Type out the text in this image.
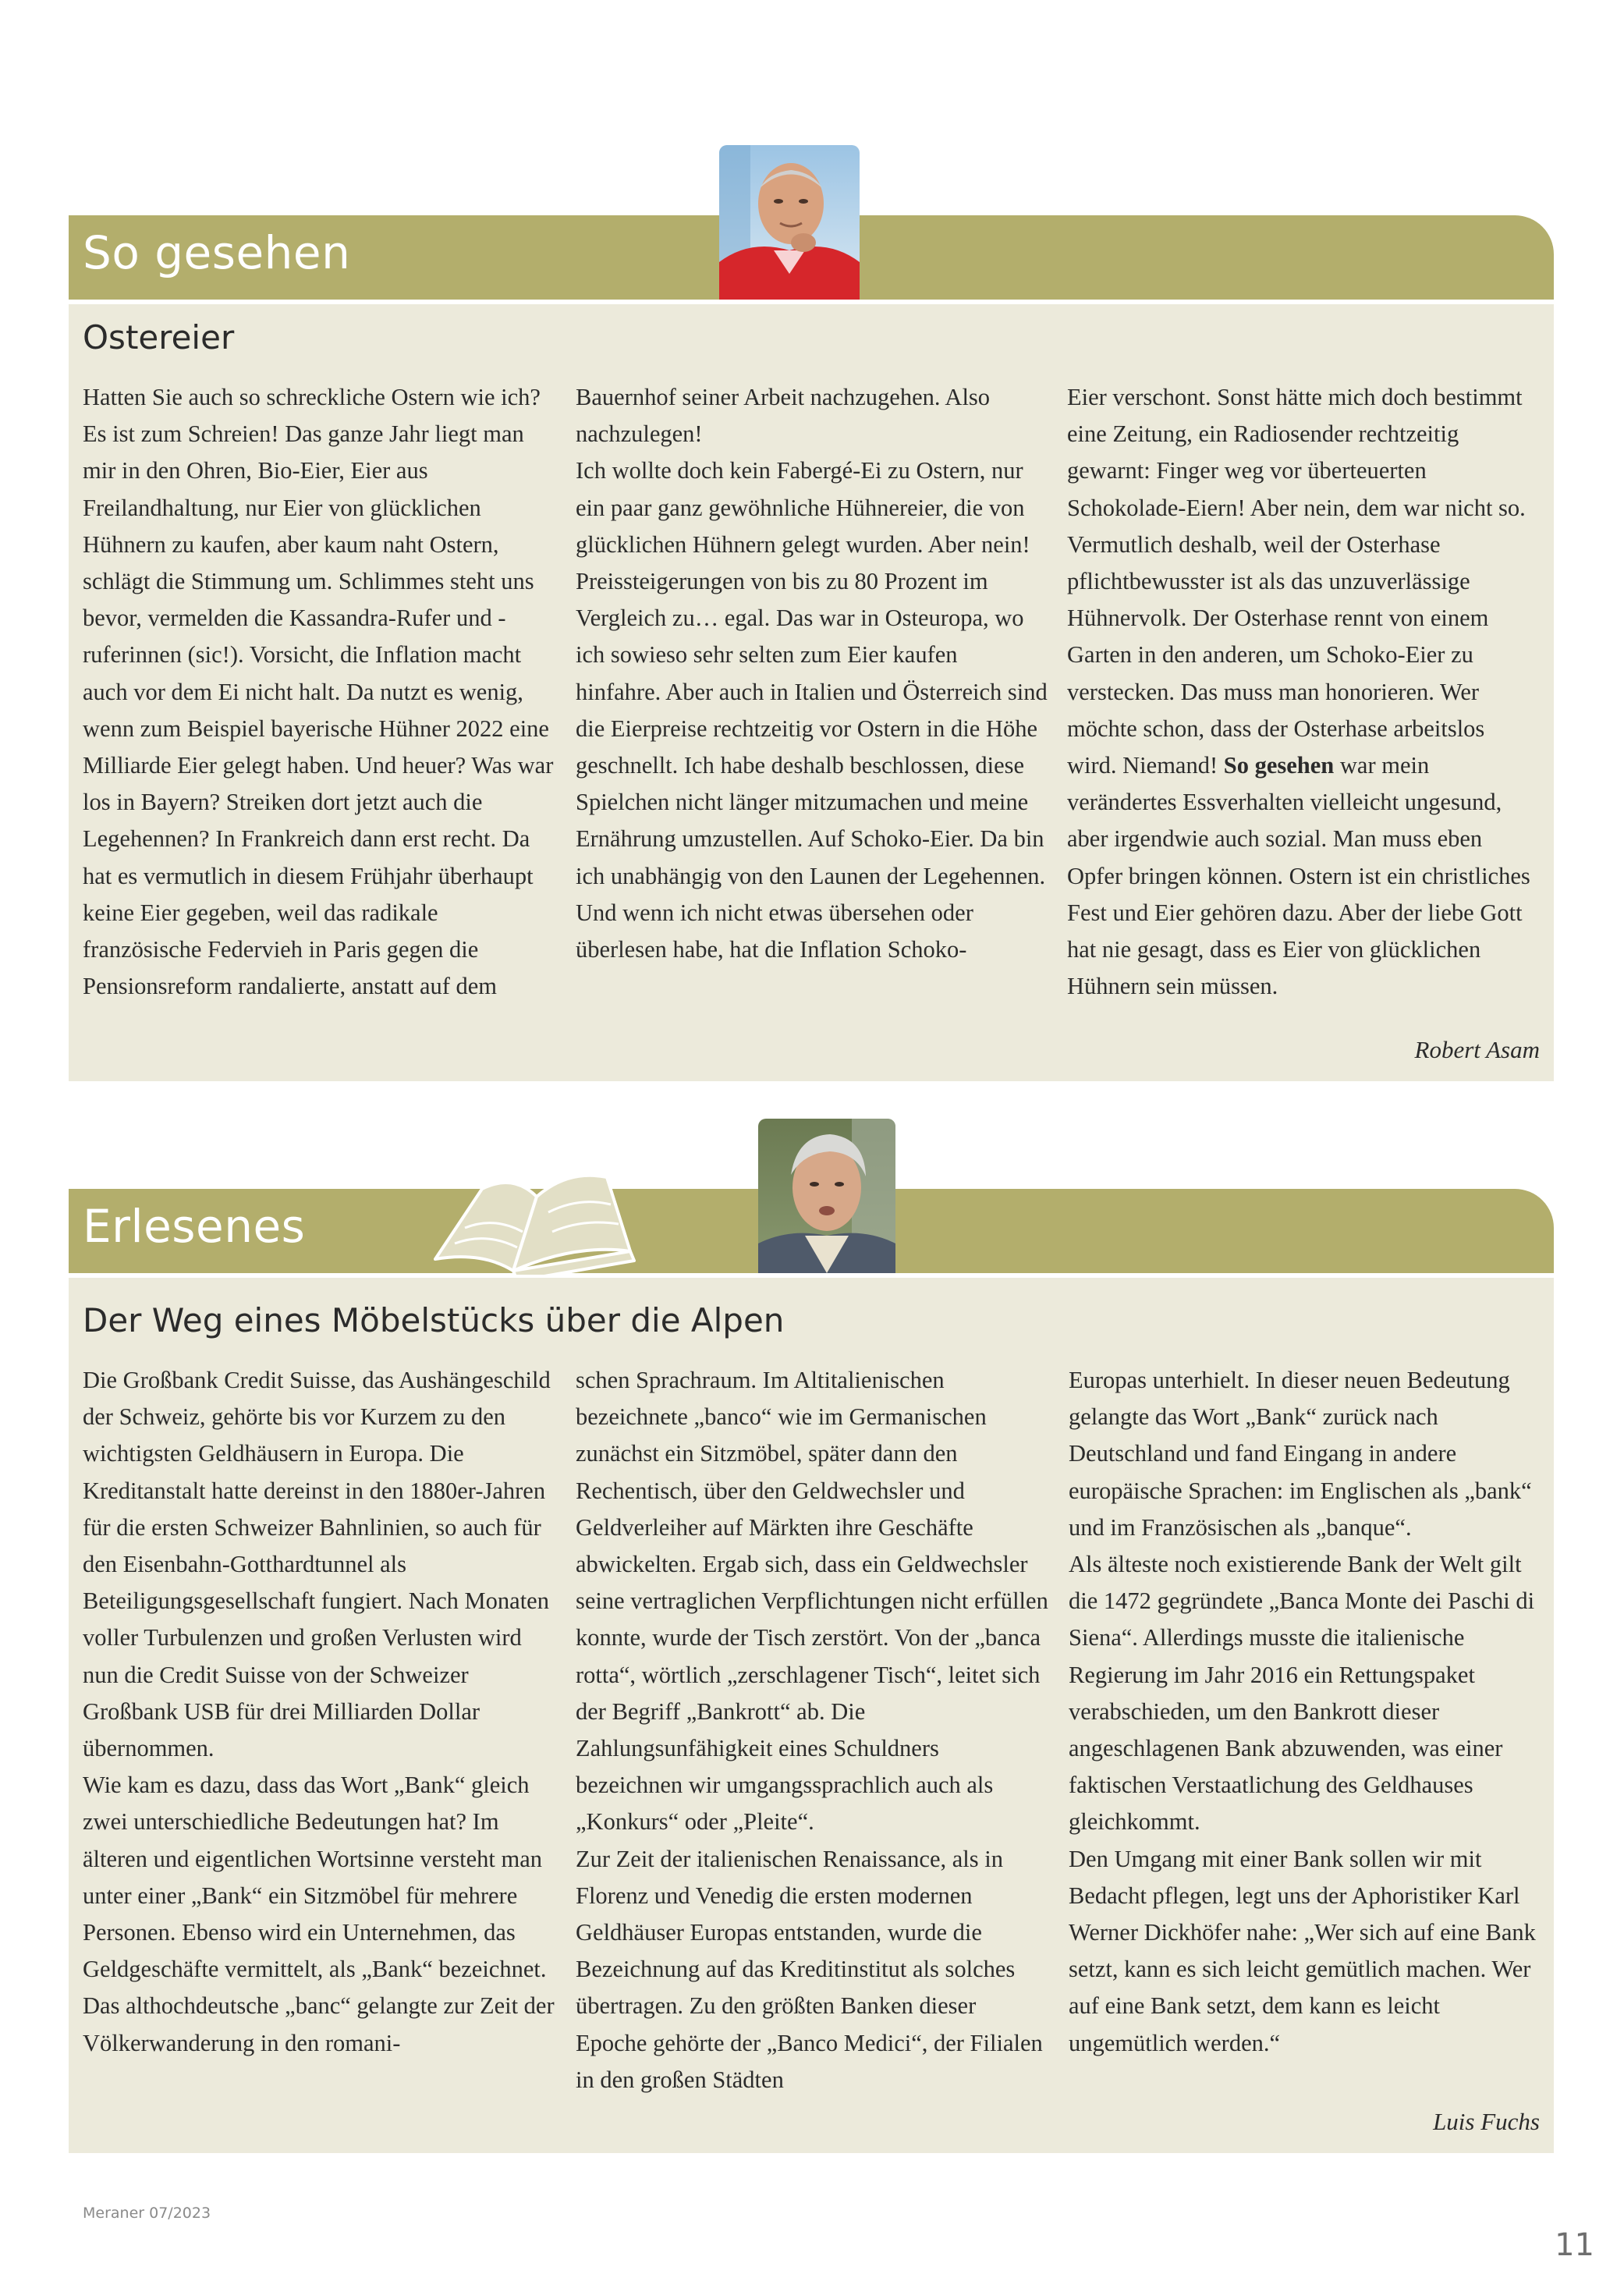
So gesehen
Ostereier

Hatten Sie auch so schreckliche Ostern wie ich? Es ist zum Schreien! Das ganze Jahr liegt man mir in den Ohren, Bio-Eier, Eier aus Freilandhaltung, nur Eier von glücklichen Hühnern zu kaufen, aber kaum naht Ostern, schlägt die Stimmung um. Schlimmes steht uns bevor, vermelden die Kassandra-Rufer und -ruferinnen (sic!). Vorsicht, die Inflation macht auch vor dem Ei nicht halt. Da nutzt es wenig, wenn zum Beispiel bayerische Hühner 2022 eine Milliarde Eier gelegt haben. Und heuer? Was war los in Bayern? Streiken dort jetzt auch die Legehennen? In Frankreich dann erst recht. Da hat es vermutlich in diesem Frühjahr überhaupt keine Eier gegeben, weil das radikale französische Federvieh in Paris gegen die Pensionsreform randalierte, anstatt auf dem

Bauernhof seiner Arbeit nachzugehen. Also nachzulegen!

Ich wollte doch kein Fabergé-Ei zu Ostern, nur ein paar ganz gewöhnliche Hühnereier, die von glücklichen Hühnern gelegt wurden. Aber nein! Preissteigerungen von bis zu 80 Prozent im Vergleich zu… egal. Das war in Osteuropa, wo ich sowieso sehr selten zum Eier kaufen hinfahre. Aber auch in Italien und Österreich sind die Eierpreise rechtzeitig vor Ostern in die Höhe geschnellt. Ich habe deshalb beschlossen, diese Spielchen nicht länger mitzumachen und meine Ernährung umzustellen. Auf Schoko-Eier. Da bin ich unabhängig von den Launen der Legehennen.

Und wenn ich nicht etwas übersehen oder überlesen habe, hat die Inflation Schoko-

Eier verschont. Sonst hätte mich doch bestimmt eine Zeitung, ein Radiosender rechtzeitig gewarnt: Finger weg vor überteuerten Schokolade-Eiern! Aber nein, dem war nicht so. Vermutlich deshalb, weil der Osterhase pflichtbewusster ist als das unzuverlässige Hühnervolk. Der Osterhase rennt von einem Garten in den anderen, um Schoko-Eier zu verstecken. Das muss man honorieren. Wer möchte schon, dass der Osterhase arbeitslos wird. Niemand! So gesehen war mein verändertes Essverhalten vielleicht ungesund, aber irgendwie auch sozial. Man muss eben Opfer bringen können. Ostern ist ein christliches Fest und Eier gehören dazu. Aber der liebe Gott hat nie gesagt, dass es Eier von glücklichen Hühnern sein müssen.

Robert Asam
Erlesenes
Der Weg eines Möbelstücks über die Alpen

Die Großbank Credit Suisse, das Aushängeschild der Schweiz, gehörte bis vor Kurzem zu den wichtigsten Geldhäusern in Europa. Die Kreditanstalt hatte dereinst in den 1880er-Jahren für die ersten Schweizer Bahnlinien, so auch für den Eisenbahn-Gotthardtunnel als Beteiligungsgesellschaft fungiert. Nach Monaten voller Turbulenzen und großen Verlusten wird nun die Credit Suisse von der Schweizer Großbank USB für drei Milliarden Dollar übernommen.

Wie kam es dazu, dass das Wort „Bank“ gleich zwei unterschiedliche Bedeutungen hat? Im älteren und eigentlichen Wortsinne versteht man unter einer „Bank“ ein Sitzmöbel für mehrere Personen. Ebenso wird ein Unternehmen, das Geldgeschäfte vermittelt, als „Bank“ bezeichnet.

Das althochdeutsche „banc“ gelangte zur Zeit der Völkerwanderung in den romani-

schen Sprachraum. Im Altitalienischen bezeichnete „banco“ wie im Germanischen zunächst ein Sitzmöbel, später dann den Rechentisch, über den Geldwechsler und Geldverleiher auf Märkten ihre Geschäfte abwickelten. Ergab sich, dass ein Geldwechsler seine vertraglichen Verpflichtungen nicht erfüllen konnte, wurde der Tisch zerstört. Von der „banca rotta“, wörtlich „zerschlagener Tisch“, leitet sich der Begriff „Bankrott“ ab. Die Zahlungsunfähigkeit eines Schuldners bezeichnen wir umgangssprachlich auch als „Konkurs“ oder „Pleite“.

Zur Zeit der italienischen Renaissance, als in Florenz und Venedig die ersten modernen Geldhäuser Europas entstanden, wurde die Bezeichnung auf das Kreditinstitut als solches übertragen. Zu den größten Banken dieser Epoche gehörte der „Banco Medici“, der Filialen in den großen Städten

Europas unterhielt. In dieser neuen Bedeutung gelangte das Wort „Bank“ zurück nach Deutschland und fand Eingang in andere europäische Sprachen: im Englischen als „bank“ und im Französischen als „banque“.

Als älteste noch existierende Bank der Welt gilt die 1472 gegründete „Banca Monte dei Paschi di Siena“. Allerdings musste die italienische Regierung im Jahr 2016 ein Rettungspaket verabschieden, um den Bankrott dieser angeschlagenen Bank abzuwenden, was einer faktischen Verstaatlichung des Geldhauses gleichkommt.

Den Umgang mit einer Bank sollen wir mit Bedacht pflegen, legt uns der Aphoristiker Karl Werner Dickhöfer nahe: „Wer sich auf eine Bank setzt, kann es sich leicht gemütlich machen. Wer auf eine Bank setzt, dem kann es leicht ungemütlich werden.“

Luis Fuchs
Meraner 07/2023
11
